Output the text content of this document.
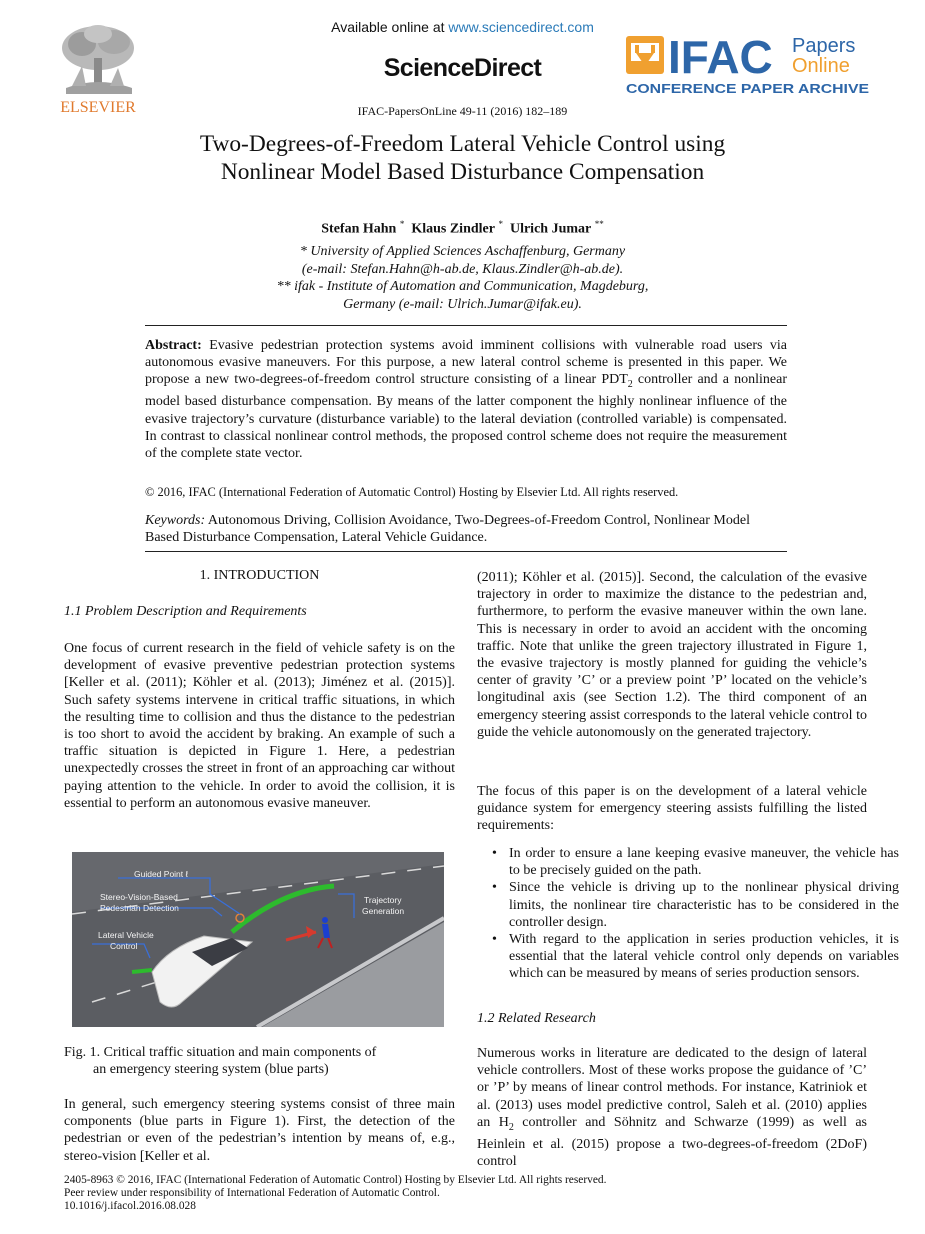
ELSEVIER
Available online at www.sciencedirect.com
ScienceDirect
IFAC-PapersOnLine 49-11 (2016) 182–189
IFAC Papers
Online
CONFERENCE PAPER ARCHIVE
Two-Degrees-of-Freedom Lateral Vehicle Control using Nonlinear Model Based Disturbance Compensation
Stefan Hahn * Klaus Zindler * Ulrich Jumar **
* University of Applied Sciences Aschaffenburg, Germany
(e-mail: Stefan.Hahn@h-ab.de, Klaus.Zindler@h-ab.de).
** ifak - Institute of Automation and Communication, Magdeburg,
Germany (e-mail: Ulrich.Jumar@ifak.eu).

Abstract: Evasive pedestrian protection systems avoid imminent collisions with vulnerable road users via autonomous evasive maneuvers. For this purpose, a new lateral control scheme is presented in this paper. We propose a new two-degrees-of-freedom control structure consisting of a linear $PDT_2$ controller and a nonlinear model based disturbance compensation. By means of the latter component the highly nonlinear influence of the evasive trajectory’s curvature (disturbance variable) to the lateral deviation (controlled variable) is compensated. In contrast to classical nonlinear control methods, the proposed control scheme does not require the measurement of the complete state vector.

© 2016, IFAC (International Federation of Automatic Control) Hosting by Elsevier Ltd. All rights reserved.

Keywords: Autonomous Driving, Collision Avoidance, Two-Degrees-of-Freedom Control, Nonlinear Model Based Disturbance Compensation, Lateral Vehicle Guidance.

1. INTRODUCTION
1.1 Problem Description and Requirements

One focus of current research in the field of vehicle safety is on the development of evasive preventive pedestrian protection systems [Keller et al. (2011); Köhler et al. (2013); Jiménez et al. (2015)]. Such safety systems intervene in critical traffic situations, in which the resulting time to collision and thus the distance to the pedestrian is too short to avoid the accident by braking. An example of such a traffic situation is depicted in Figure 1. Here, a pedestrian unexpectedly crosses the street in front of an approaching car without paying attention to the vehicle. In order to avoid the collision, it is essential to perform an autonomous evasive maneuver.

Guided Point ℓ
Stereo-Vision-Based
Pedestrian Detection
Lateral Vehicle
Control
Trajectory
Generation
Fig. 1. Critical traffic situation and main components of
an emergency steering system (blue parts)

In general, such emergency steering systems consist of three main components (blue parts in Figure 1). First, the detection of the pedestrian or even of the pedestrian’s intention by means of, e.g., stereo-vision [Keller et al.

(2011); Köhler et al. (2015)]. Second, the calculation of the evasive trajectory in order to maximize the distance to the pedestrian and, furthermore, to perform the evasive maneuver within the own lane. This is necessary in order to avoid an accident with the oncoming traffic. Note that unlike the green trajectory illustrated in Figure 1, the evasive trajectory is mostly planned for guiding the vehicle’s center of gravity ’C’ or a preview point ’P’ located on the vehicle’s longitudinal axis (see Section 1.2). The third component of an emergency steering assist corresponds to the lateral vehicle control to guide the vehicle autonomously on the generated trajectory.

The focus of this paper is on the development of a lateral vehicle guidance system for emergency steering assists fulfilling the listed requirements:

• In order to ensure a lane keeping evasive maneuver, the vehicle has to be precisely guided on the path.
• Since the vehicle is driving up to the nonlinear physical driving limits, the nonlinear tire characteristic has to be considered in the controller design.
• With regard to the application in series production vehicles, it is essential that the lateral vehicle control only depends on variables which can be measured by means of series production sensors.
1.2 Related Research

Numerous works in literature are dedicated to the design of lateral vehicle controllers. Most of these works propose the guidance of ’C’ or ’P’ by means of linear control methods. For instance, Katriniok et al. (2013) uses model predictive control, Saleh et al. (2010) applies an $H_2$ controller and Söhnitz and Schwarze (1999) as well as Heinlein et al. (2015) propose a two-degrees-of-freedom (2DoF) control

2405-8963 © 2016, IFAC (International Federation of Automatic Control) Hosting by Elsevier Ltd. All rights reserved.
Peer review under responsibility of International Federation of Automatic Control.
10.1016/j.ifacol.2016.08.028
